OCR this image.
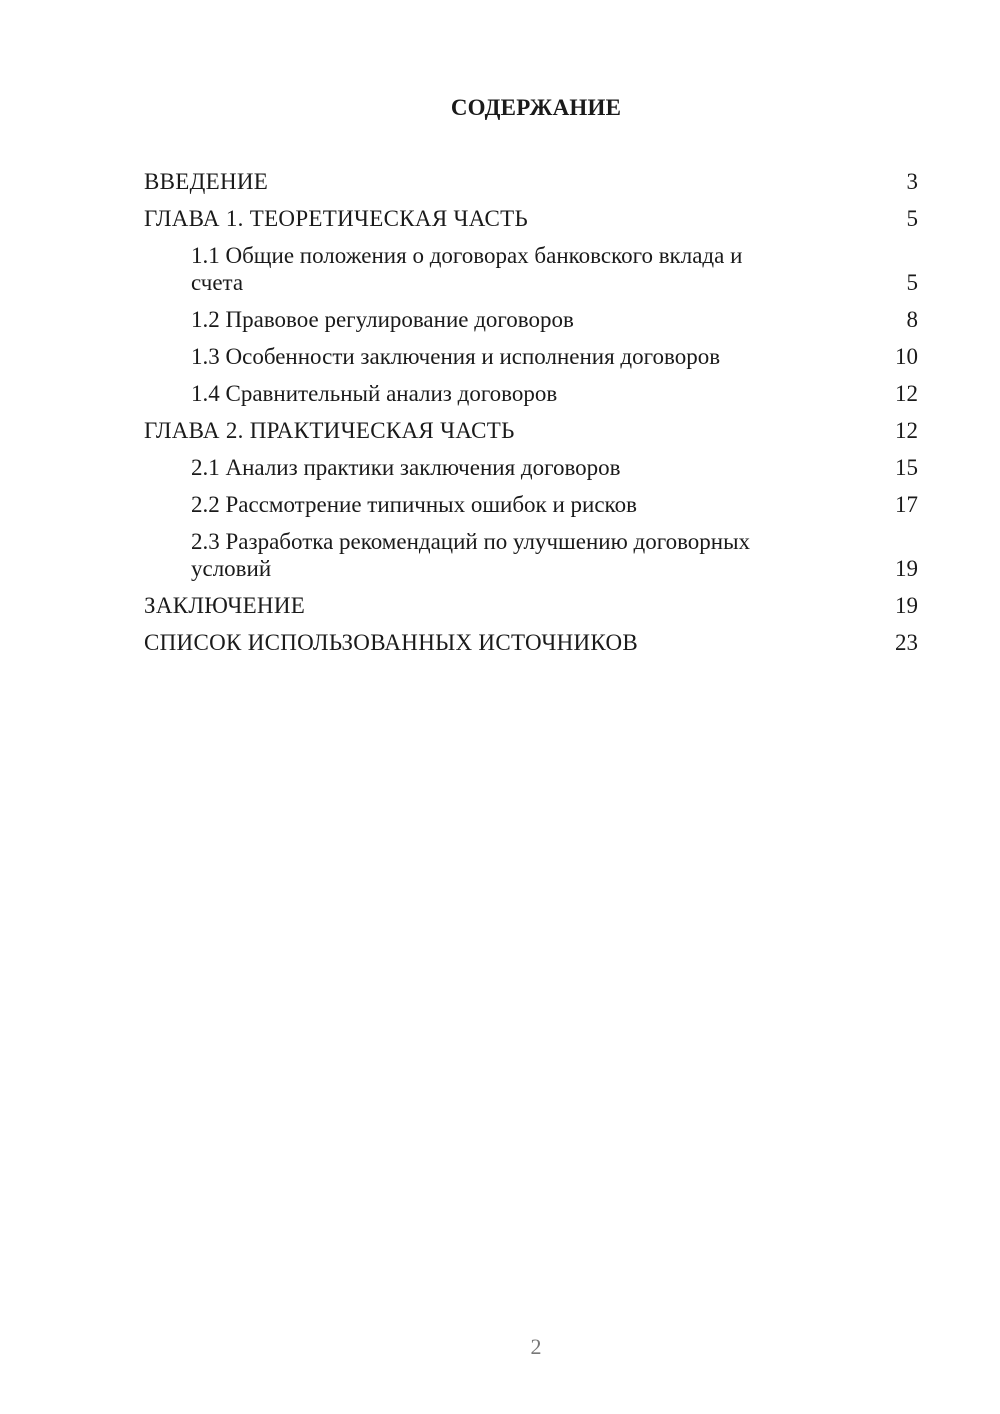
СОДЕРЖАНИЕ
ВВЕДЕНИЕ	3
ГЛАВА 1. ТЕОРЕТИЧЕСКАЯ ЧАСТЬ	5
1.1 Общие положения о договорах банковского вклада и счета	5
1.2 Правовое регулирование договоров	8
1.3 Особенности заключения и исполнения договоров	10
1.4 Сравнительный анализ договоров	12
ГЛАВА 2. ПРАКТИЧЕСКАЯ ЧАСТЬ	12
2.1 Анализ практики заключения договоров	15
2.2 Рассмотрение типичных ошибок и рисков	17
2.3 Разработка рекомендаций по улучшению договорных условий	19
ЗАКЛЮЧЕНИЕ	19
СПИСОК ИСПОЛЬЗОВАННЫХ ИСТОЧНИКОВ	23
2
